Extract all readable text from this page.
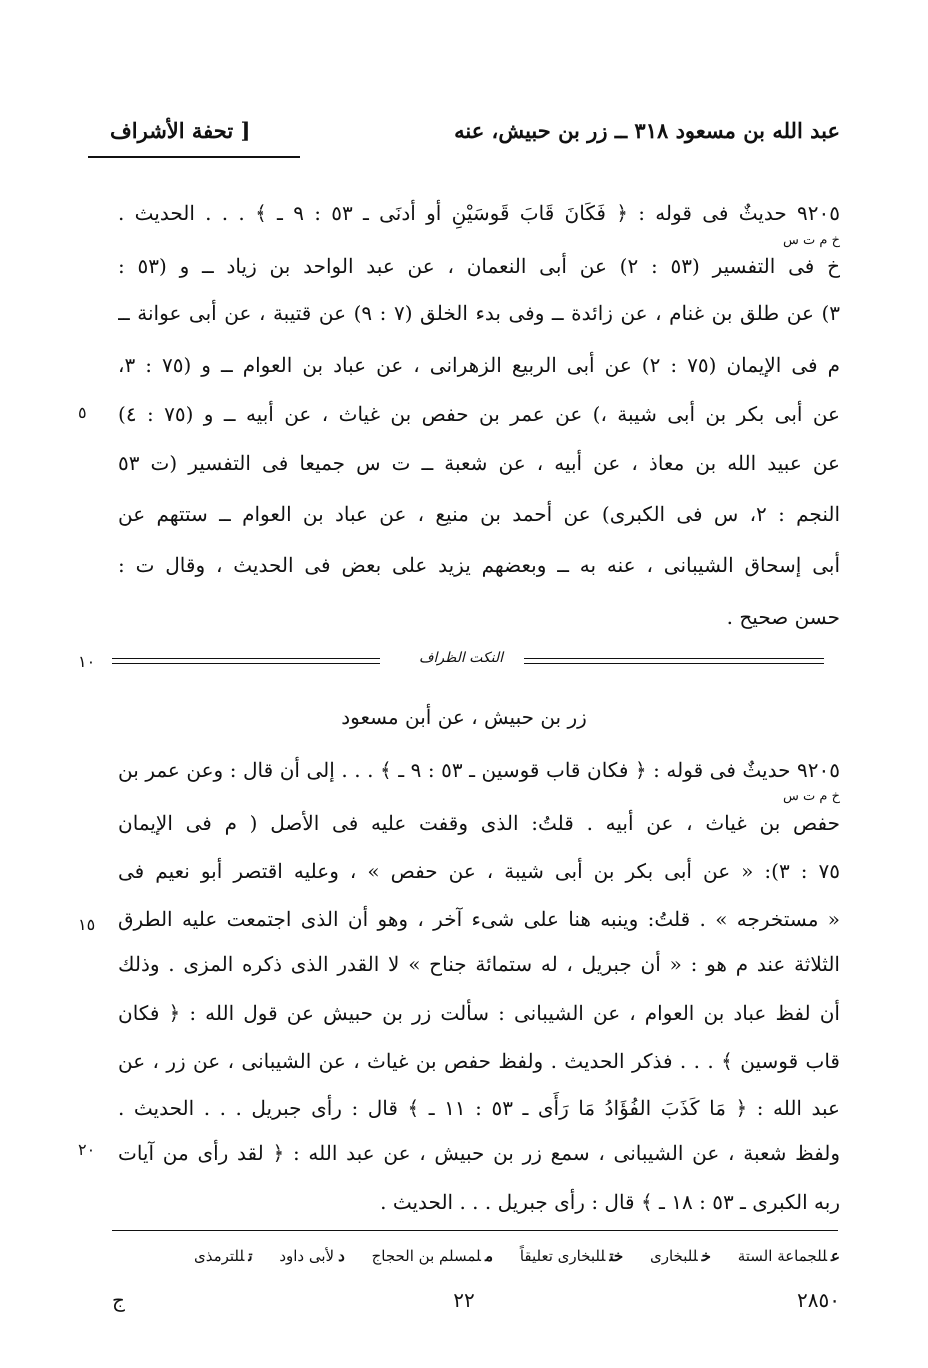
عبد الله بن مسعود ٣١٨ ــ زر بن حبيش، عنه
[ تحفة الأشراف
خ م ت س
٩٢٠٥ حديثٌ فى قوله : ﴿ فَكَانَ قَابَ قَوسَيْنِ أو أدنَى ـ ٥٣ : ٩ ـ ﴾ . . . الحديث .
خ فى التفسير (٥٣ : ٢) عن أبى النعمان ، عن عبد الواحد بن زياد ــ و (٥٣ :
٣) عن طلق بن غنام ، عن زائدة ــ وفى بدء الخلق (٧ : ٩) عن قتيبة ، عن أبى عوانة ــ
م فى الإيمان (٧٥ : ٢) عن أبى الربيع الزهرانى ، عن عباد بن العوام ــ و (٧٥ : ٣،
عن أبى بكر بن أبى شيبة ،) عن عمر بن حفص بن غياث ، عن أبيه ــ و (٧٥ : ٤)
عن عبيد الله بن معاذ ، عن أبيه ، عن شعبة ــ ت س جميعا فى التفسير (ت ٥٣
النجم : ٢، س فى الكبرى) عن أحمد بن منيع ، عن عباد بن العوام ــ ستتهم عن
أبى إسحاق الشيبانى ، عنه به ــ وبعضهم يزيد على بعض فى الحديث ، وقال ت :
حسن صحيح .
٥
١٠
١٥
٢٠
النكت الظراف
زر بن حبيش ، عن أبن مسعود
خ م ت س
٩٢٠٥ حديثٌ فى قوله : ﴿ فكان قاب قوسين ـ ٥٣ : ٩ ـ ﴾ . . . إلى أن قال : وعن عمر بن
حفص بن غياث ، عن أبيه . قلتُ: الذى وقفت عليه فى الأصل ( م فى الإيمان
٧٥ : ٣): « عن أبى بكر بن أبى شيبة ، عن حفص » ، وعليه اقتصر أبو نعيم فى
« مستخرجه » . قلتُ: وينبه هنا على شىء آخر ، وهو أن الذى اجتمعت عليه الطرق
الثلاثة عند م هو : « أن جبريل ، له ستمائة جناح » لا القدر الذى ذكره المزى . وذلك
أن لفظ عباد بن العوام ، عن الشيبانى : سألت زر بن حبيش عن قول الله : ﴿ فكان
قاب قوسين ﴾ . . . فذكر الحديث . ولفظ حفص بن غياث ، عن الشيبانى ، عن زر ، عن
عبد الله : ﴿ مَا كَذَبَ الفُؤَادُ مَا رَأَى ـ ٥٣ : ١١ ـ ﴾ قال : رأى جبريل . . . الحديث .
ولفظ شعبة ، عن الشيبانى ، سمع زر بن حبيش ، عن عبد الله : ﴿ لقد رأى من آيات
ربه الكبرى ـ ٥٣ : ١٨ ـ ﴾ قال : رأى جبريل . . . الحديث .
عللجماعة الستة خللبخارى ختللبخارى تعليقاً ملمسلم بن الحجاج دلأبى داود تللترمذى
٢٨٥٠
٢٢
ج
